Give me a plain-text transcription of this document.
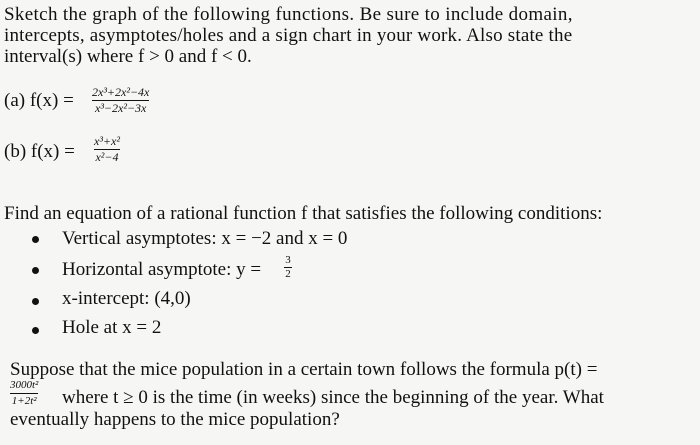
Sketch the graph of the following functions. Be sure to include domain,
intercepts, asymptotes/holes and a sign chart in your work. Also state the
interval(s) where f > 0 and f < 0.
(a) f(x) = 2x³+2x²−4x
x³−2x²−3x
(b) f(x) = x³+x²
x²−4
Find an equation of a rational function f that satisfies the following conditions:
Vertical asymptotes: x = −2 and x = 0
Horizontal asymptote: y = 3
2
x-intercept: (4,0)
Hole at x = 2
Suppose that the mice population in a certain town follows the formula p(t) =
3000t²
1+2t² where t ≥ 0 is the time (in weeks) since the beginning of the year. What
eventually happens to the mice population?
